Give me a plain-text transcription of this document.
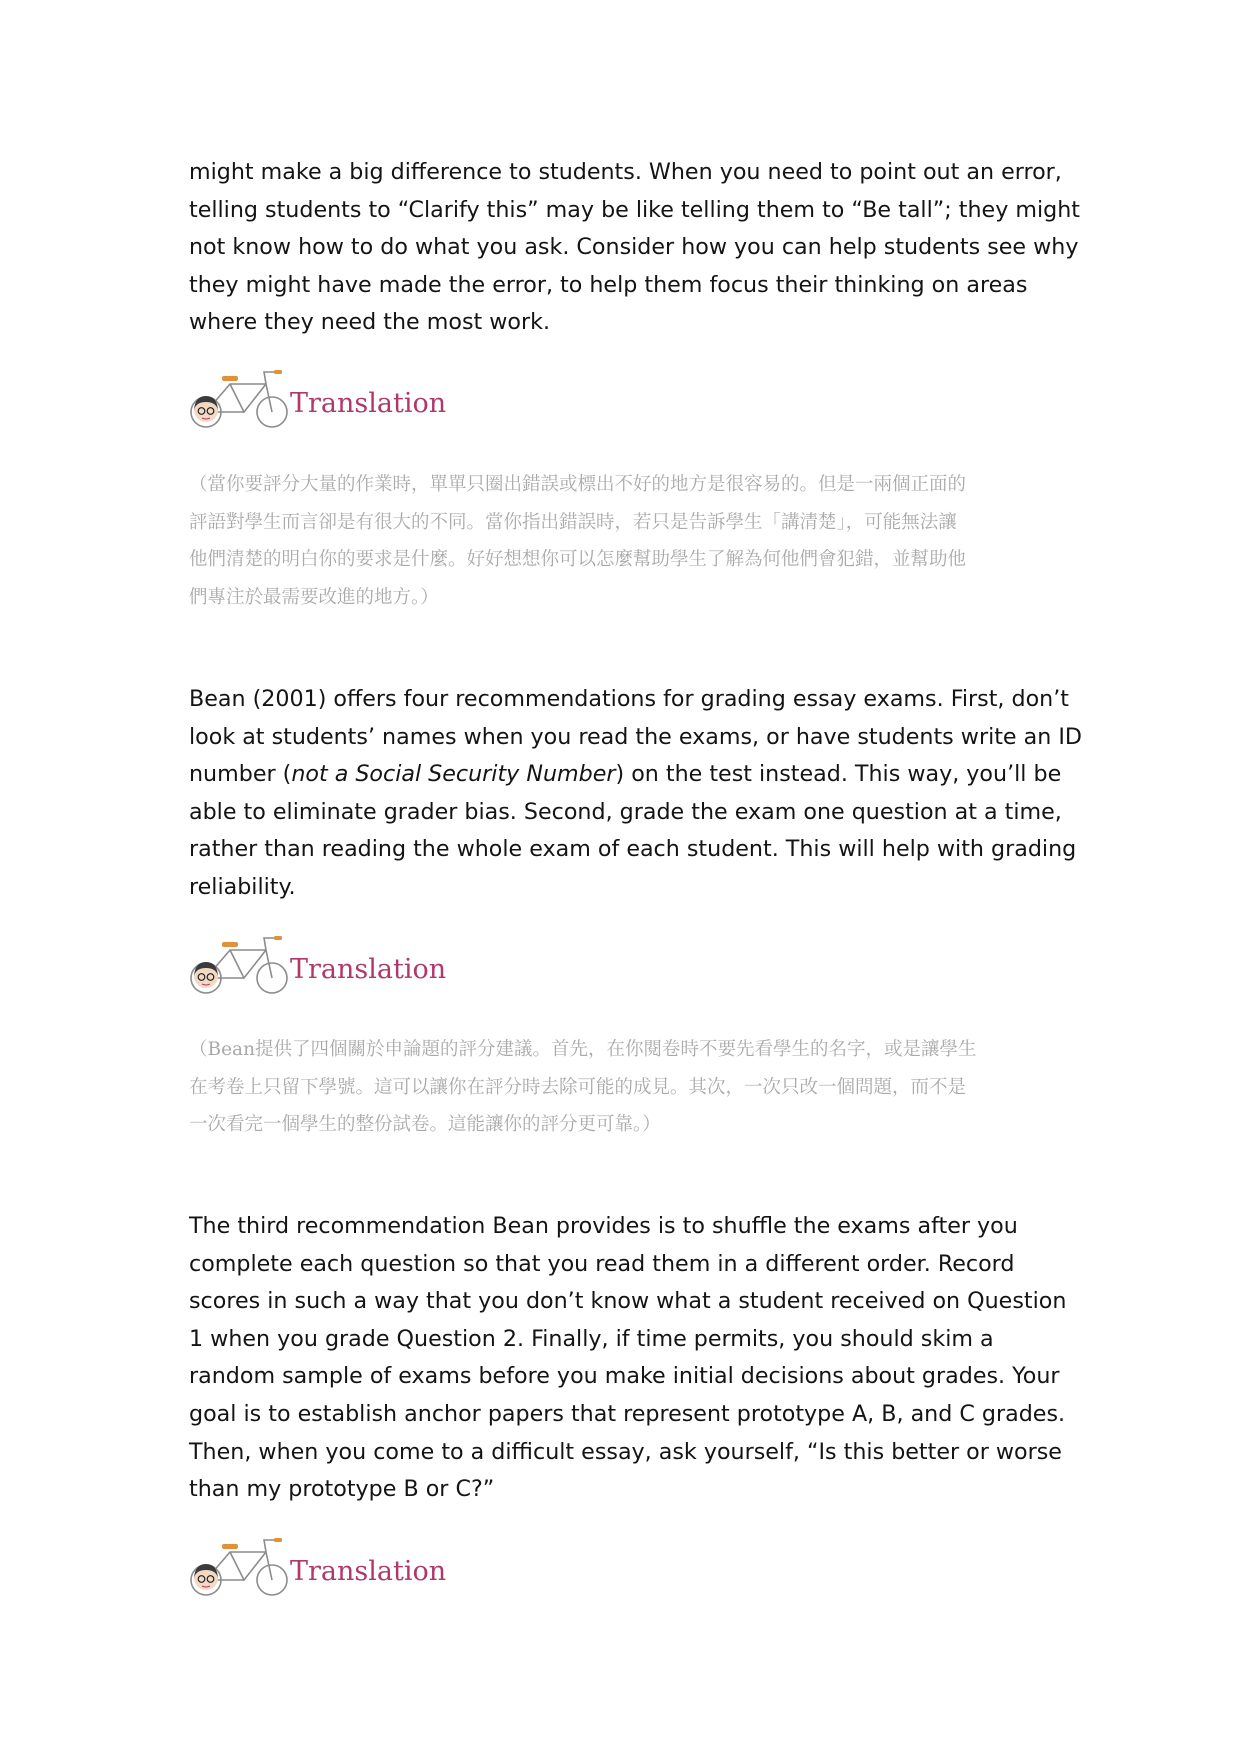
might make a big difference to students. When you need to point out an error,
telling students to “Clarify this” may be like telling them to “Be tall”; they might
not know how to do what you ask. Consider how you can help students see why
they might have made the error, to help them focus their thinking on areas
where they need the most work.
Translation
（當你要評分大量的作業時，單單只圈出錯誤或標出不好的地方是很容易的。但是一兩個正面的
評語對學生而言卻是有很大的不同。當你指出錯誤時，若只是告訴學生「講清楚」，可能無法讓
他們清楚的明白你的要求是什麼。好好想想你可以怎麼幫助學生了解為何他們會犯錯，並幫助他
們專注於最需要改進的地方。）
Bean (2001) offers four recommendations for grading essay exams. First, don’t
look at students’ names when you read the exams, or have students write an ID
number (not a Social Security Number) on the test instead. This way, you’ll be
able to eliminate grader bias. Second, grade the exam one question at a time,
rather than reading the whole exam of each student. This will help with grading
reliability.
Translation
（Bean提供了四個關於申論題的評分建議。首先，在你閱卷時不要先看學生的名字，或是讓學生
在考卷上只留下學號。這可以讓你在評分時去除可能的成見。其次，一次只改一個問題，而不是
一次看完一個學生的整份試卷。這能讓你的評分更可靠。）
The third recommendation Bean provides is to shuffle the exams after you
complete each question so that you read them in a different order. Record
scores in such a way that you don’t know what a student received on Question
1 when you grade Question 2. Finally, if time permits, you should skim a
random sample of exams before you make initial decisions about grades. Your
goal is to establish anchor papers that represent prototype A, B, and C grades.
Then, when you come to a difficult essay, ask yourself, “Is this better or worse
than my prototype B or C?”
Translation
